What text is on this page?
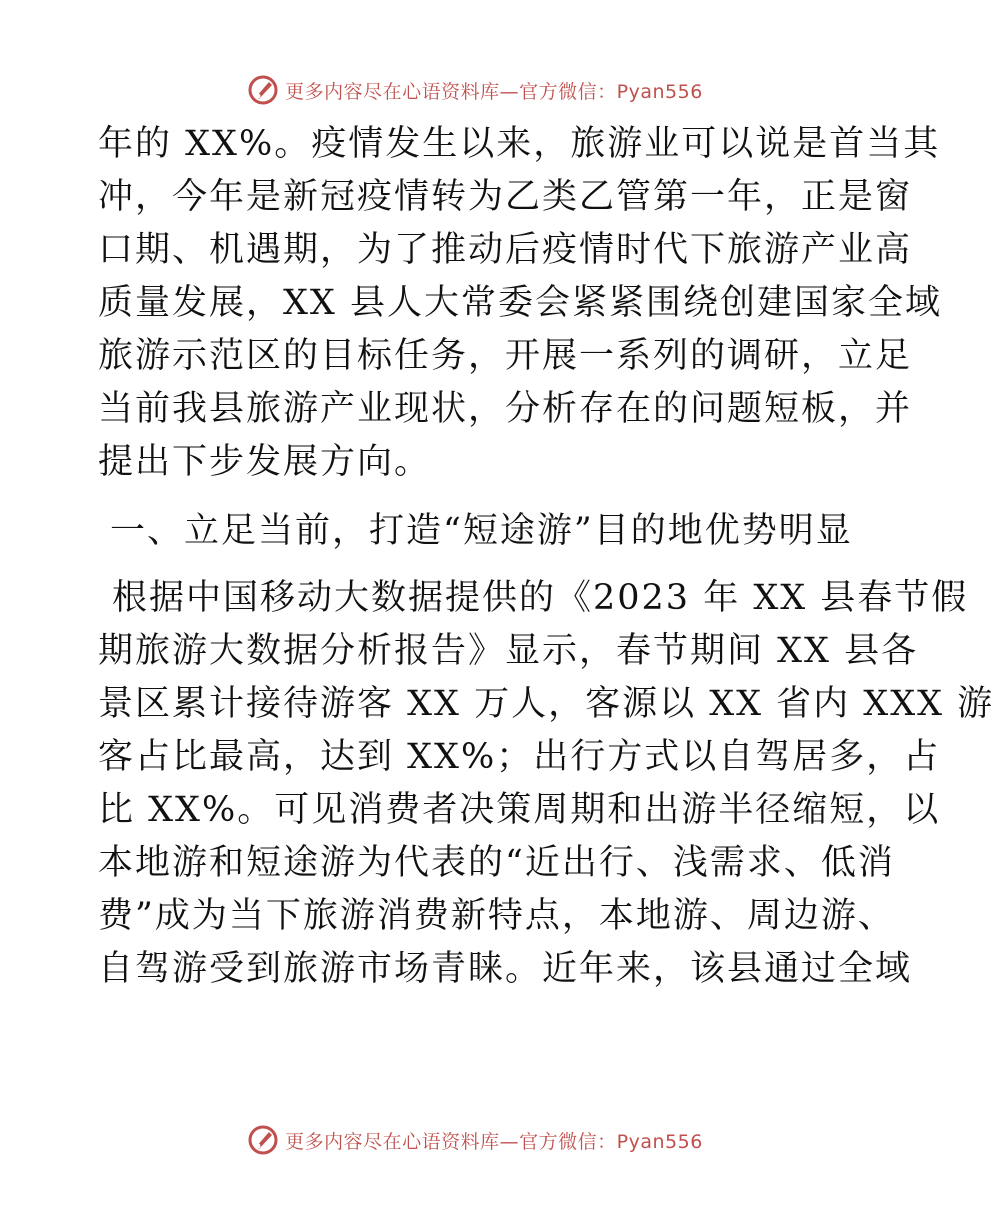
更多内容尽在心语资料库—官方微信：Pyan556
年的 XX%。疫情发生以来，旅游业可以说是首当其
冲，今年是新冠疫情转为乙类乙管第一年，正是窗
口期、机遇期，为了推动后疫情时代下旅游产业高
质量发展，XX 县人大常委会紧紧围绕创建国家全域
旅游示范区的目标任务，开展一系列的调研，立足
当前我县旅游产业现状，分析存在的问题短板，并
提出下步发展方向。
一、立足当前，打造“短途游”目的地优势明显
根据中国移动大数据提供的《2023 年 XX 县春节假
期旅游大数据分析报告》显示，春节期间 XX 县各
景区累计接待游客 XX 万人，客源以 XX 省内 XXX 游
客占比最高，达到 XX%；出行方式以自驾居多，占
比 XX%。可见消费者决策周期和出游半径缩短，以
本地游和短途游为代表的“近出行、浅需求、低消
费”成为当下旅游消费新特点，本地游、周边游、
自驾游受到旅游市场青睐。近年来，该县通过全域
更多内容尽在心语资料库—官方微信：Pyan556
